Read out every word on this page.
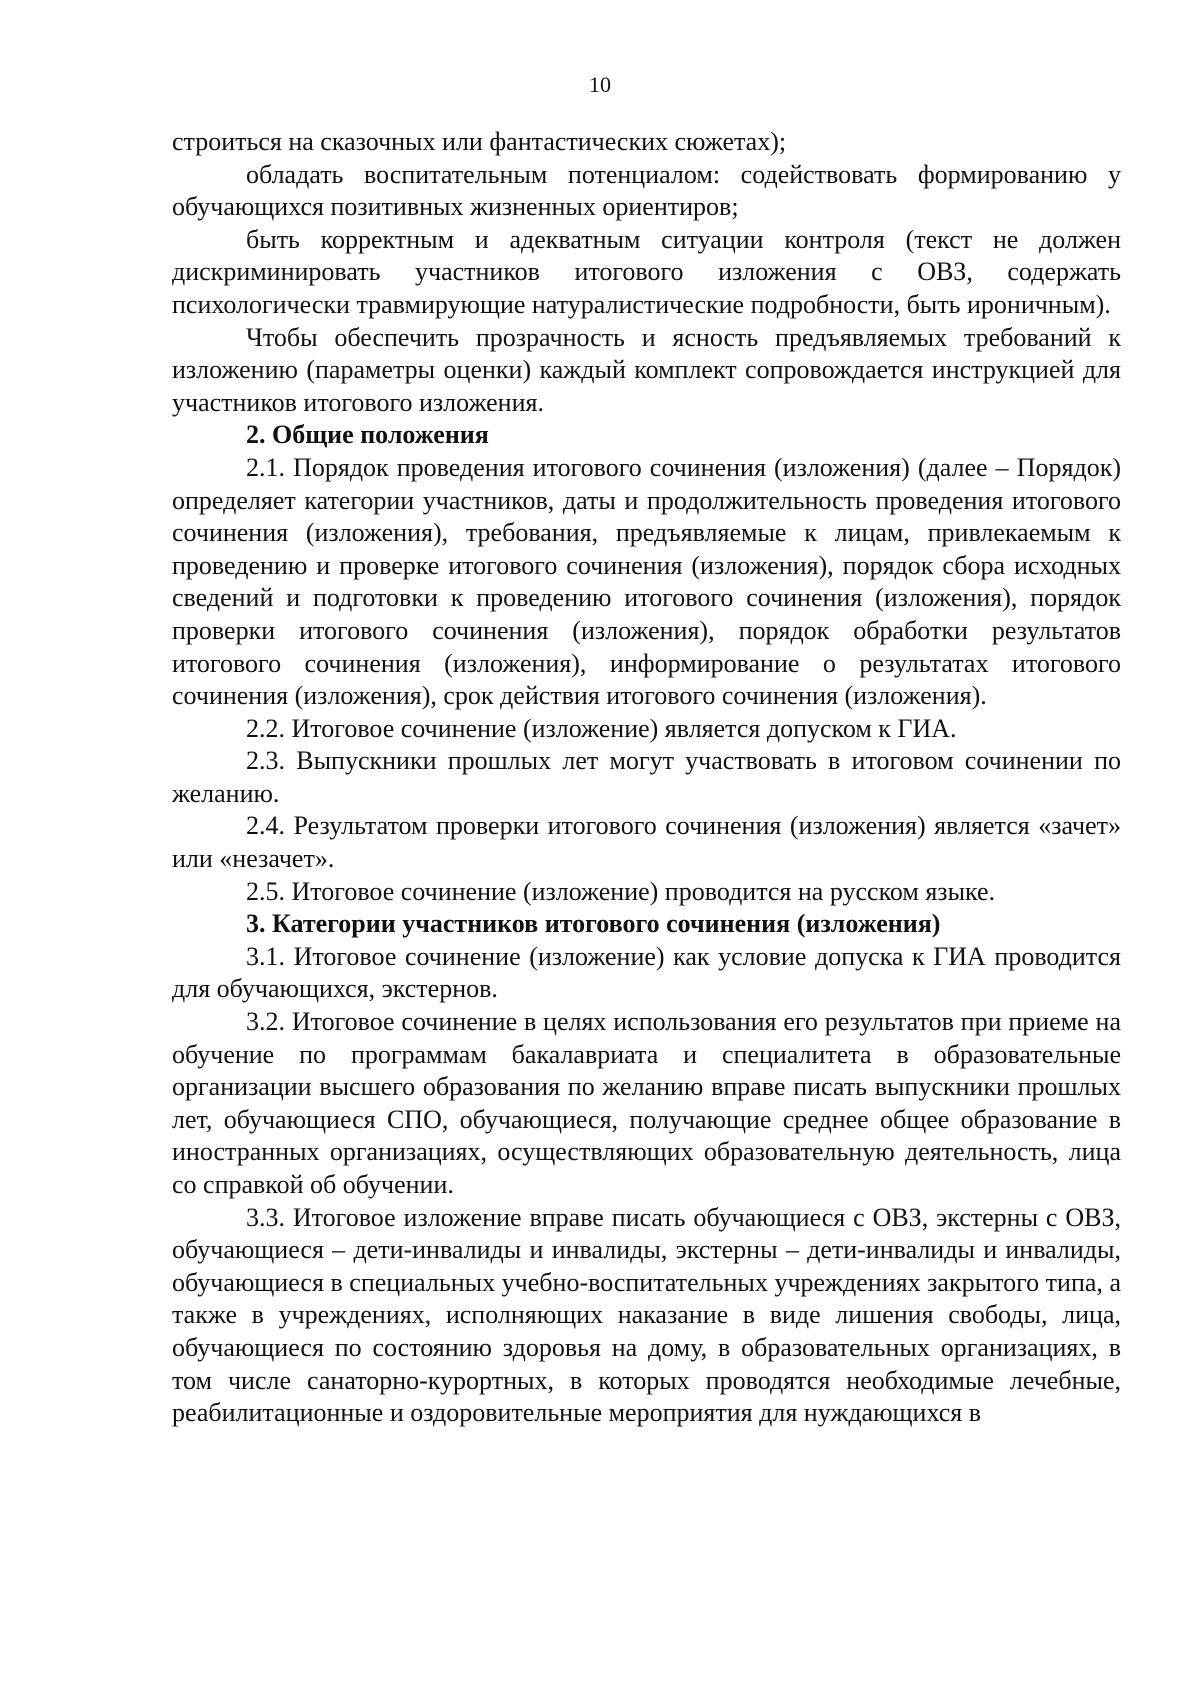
10

строиться на сказочных или фантастических сюжетах);

обладать воспитательным потенциалом: содействовать формированию у обучающихся позитивных жизненных ориентиров;

быть корректным и адекватным ситуации контроля (текст не должен дискриминировать участников итогового изложения с ОВЗ, содержать психологически травмирующие натуралистические подробности, быть ироничным).

Чтобы обеспечить прозрачность и ясность предъявляемых требований к изложению (параметры оценки) каждый комплект сопровождается инструкцией для участников итогового изложения.

2. Общие положения

2.1. Порядок проведения итогового сочинения (изложения) (далее – Порядок) определяет категории участников, даты и продолжительность проведения итогового сочинения (изложения), требования, предъявляемые к лицам, привлекаемым к проведению и проверке итогового сочинения (изложения), порядок сбора исходных сведений и подготовки к проведению итогового сочинения (изложения), порядок проверки итогового сочинения (изложения), порядок обработки результатов итогового сочинения (изложения), информирование о результатах итогового сочинения (изложения), срок действия итогового сочинения (изложения).

2.2. Итоговое сочинение (изложение) является допуском к ГИА.

2.3. Выпускники прошлых лет могут участвовать в итоговом сочинении по желанию.

2.4. Результатом проверки итогового сочинения (изложения) является «зачет» или «незачет».

2.5. Итоговое сочинение (изложение) проводится на русском языке.

3. Категории участников итогового сочинения (изложения)

3.1. Итоговое сочинение (изложение) как условие допуска к ГИА проводится для обучающихся, экстернов.

3.2. Итоговое сочинение в целях использования его результатов при приеме на обучение по программам бакалавриата и специалитета в образовательные организации высшего образования по желанию вправе писать выпускники прошлых лет, обучающиеся СПО, обучающиеся, получающие среднее общее образование в иностранных организациях, осуществляющих образовательную деятельность, лица со справкой об обучении.

3.3. Итоговое изложение вправе писать обучающиеся с ОВЗ, экстерны с ОВЗ, обучающиеся – дети-инвалиды и инвалиды, экстерны – дети-инвалиды и инвалиды, обучающиеся в специальных учебно-воспитательных учреждениях закрытого типа, а также в учреждениях, исполняющих наказание в виде лишения свободы, лица, обучающиеся по состоянию здоровья на дому, в образовательных организациях, в том числе санаторно-курортных, в которых проводятся необходимые лечебные, реабилитационные и оздоровительные мероприятия для нуждающихся в
